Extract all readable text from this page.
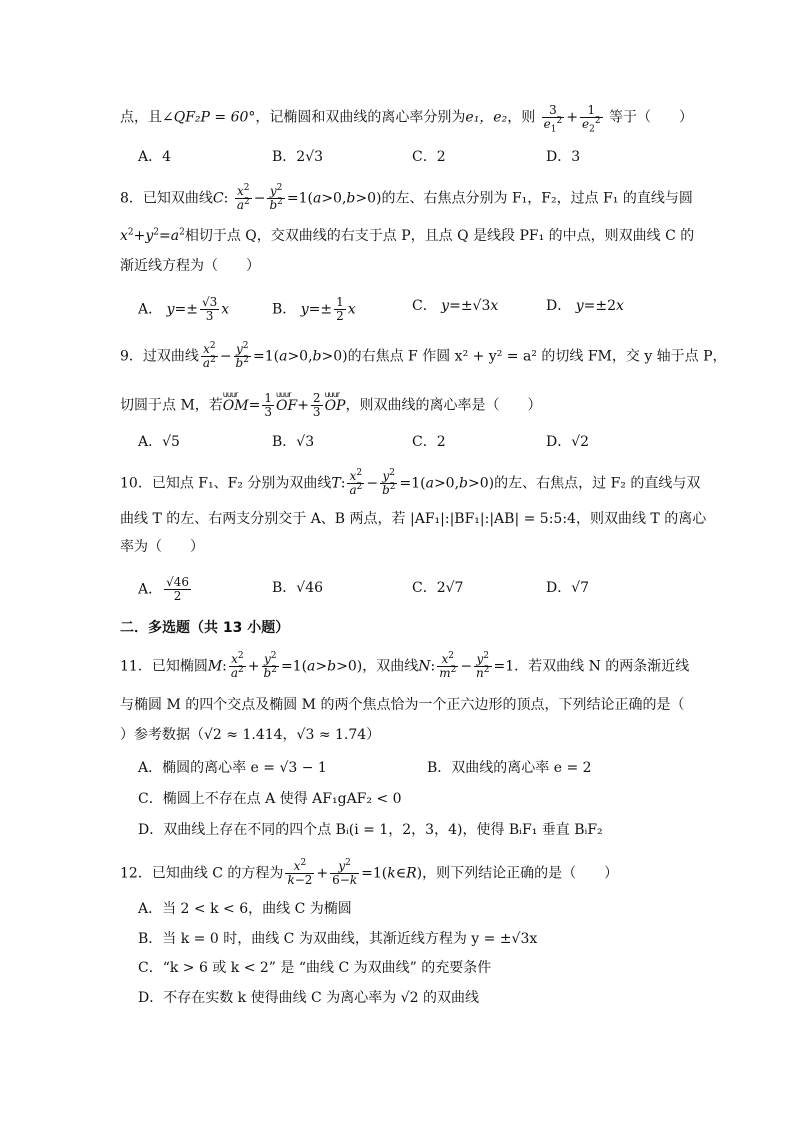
点，且∠QF₂P = 60°，记椭圆和双曲线的离心率分别为e₁，e₂，则 $\frac{3}{e_1^2} + \frac{1}{e_2^2}$ 等于（　　）
A．4	B．2√3	C．2	D．3
8．已知双曲线C: $\frac{x^2}{a^2} - \frac{y^2}{b^2} =1(a>0,b>0)$的左、右焦点分别为 F₁，F₂，过点 F₁ 的直线与圆
$x^2+y^2=a^2$相切于点 Q，交双曲线的右支于点 P，且点 Q 是线段 PF₁ 的中点，则双曲线 C 的
渐近线方程为（　　）
A． $y=\pm \frac{√3}{3}$ x	B． $y=\pm \frac{1}{2}$ x	C． y=±√3x	D． y=±2x
9．过双曲线 $\frac{x^2}{a^2} - \frac{y^2}{b^2} =1(a>0,b>0)$的右焦点 F 作圆 x² + y² = a² 的切线 FM，交 y 轴于点 P，
切圆于点 M，若uuur $OM= \frac{1}{3}$ uuur $OF+ \frac{2}{3}$ uuur OP，则双曲线的离心率是（　　）
A．√5	B．√3	C．2	D．√2
10．已知点 F₁、F₂ 分别为双曲线T: $\frac{x^2}{a^2} - \frac{y^2}{b^2} =1(a>0,b>0)$的左、右焦点，过 F₂ 的直线与双
曲线 T 的左、右两支分别交于 A、B 两点，若 |AF₁|:|BF₁|:|AB| = 5:5:4，则双曲线 T 的离心
率为（　　）
A． $\frac{√46}{2}$	B．√46	C．2√7	D．√7
二．多选题（共 13 小题）
11．已知椭圆M: $\frac{x^2}{a^2} + \frac{y^2}{b^2} =1(a>b>0)$，双曲线N: $\frac{x^2}{m^2} - \frac{y^2}{n^2} =1$．若双曲线 N 的两条渐近线
与椭圆 M 的四个交点及椭圆 M 的两个焦点恰为一个正六边形的顶点，下列结论正确的是（
）参考数据（√2 ≈ 1.414，√3 ≈ 1.74）
A．椭圆的离心率 e = √3 − 1	B．双曲线的离心率 e = 2
C．椭圆上不存在点 A 使得 AF₁gAF₂ < 0
D．双曲线上存在不同的四个点 Bᵢ(i = 1，2，3，4)，使得 BᵢF₁ 垂直 BᵢF₂
12．已知曲线 C 的方程为 $\frac{x^2}{k-2} + \frac{y^2}{6-k}$ =1(k∈R)，则下列结论正确的是（　　）
A．当 2 < k < 6，曲线 C 为椭圆
B．当 k = 0 时，曲线 C 为双曲线，其渐近线方程为 y = ±√3x
C．“k > 6 或 k < 2” 是 “曲线 C 为双曲线” 的充要条件
D．不存在实数 k 使得曲线 C 为离心率为 √2 的双曲线
